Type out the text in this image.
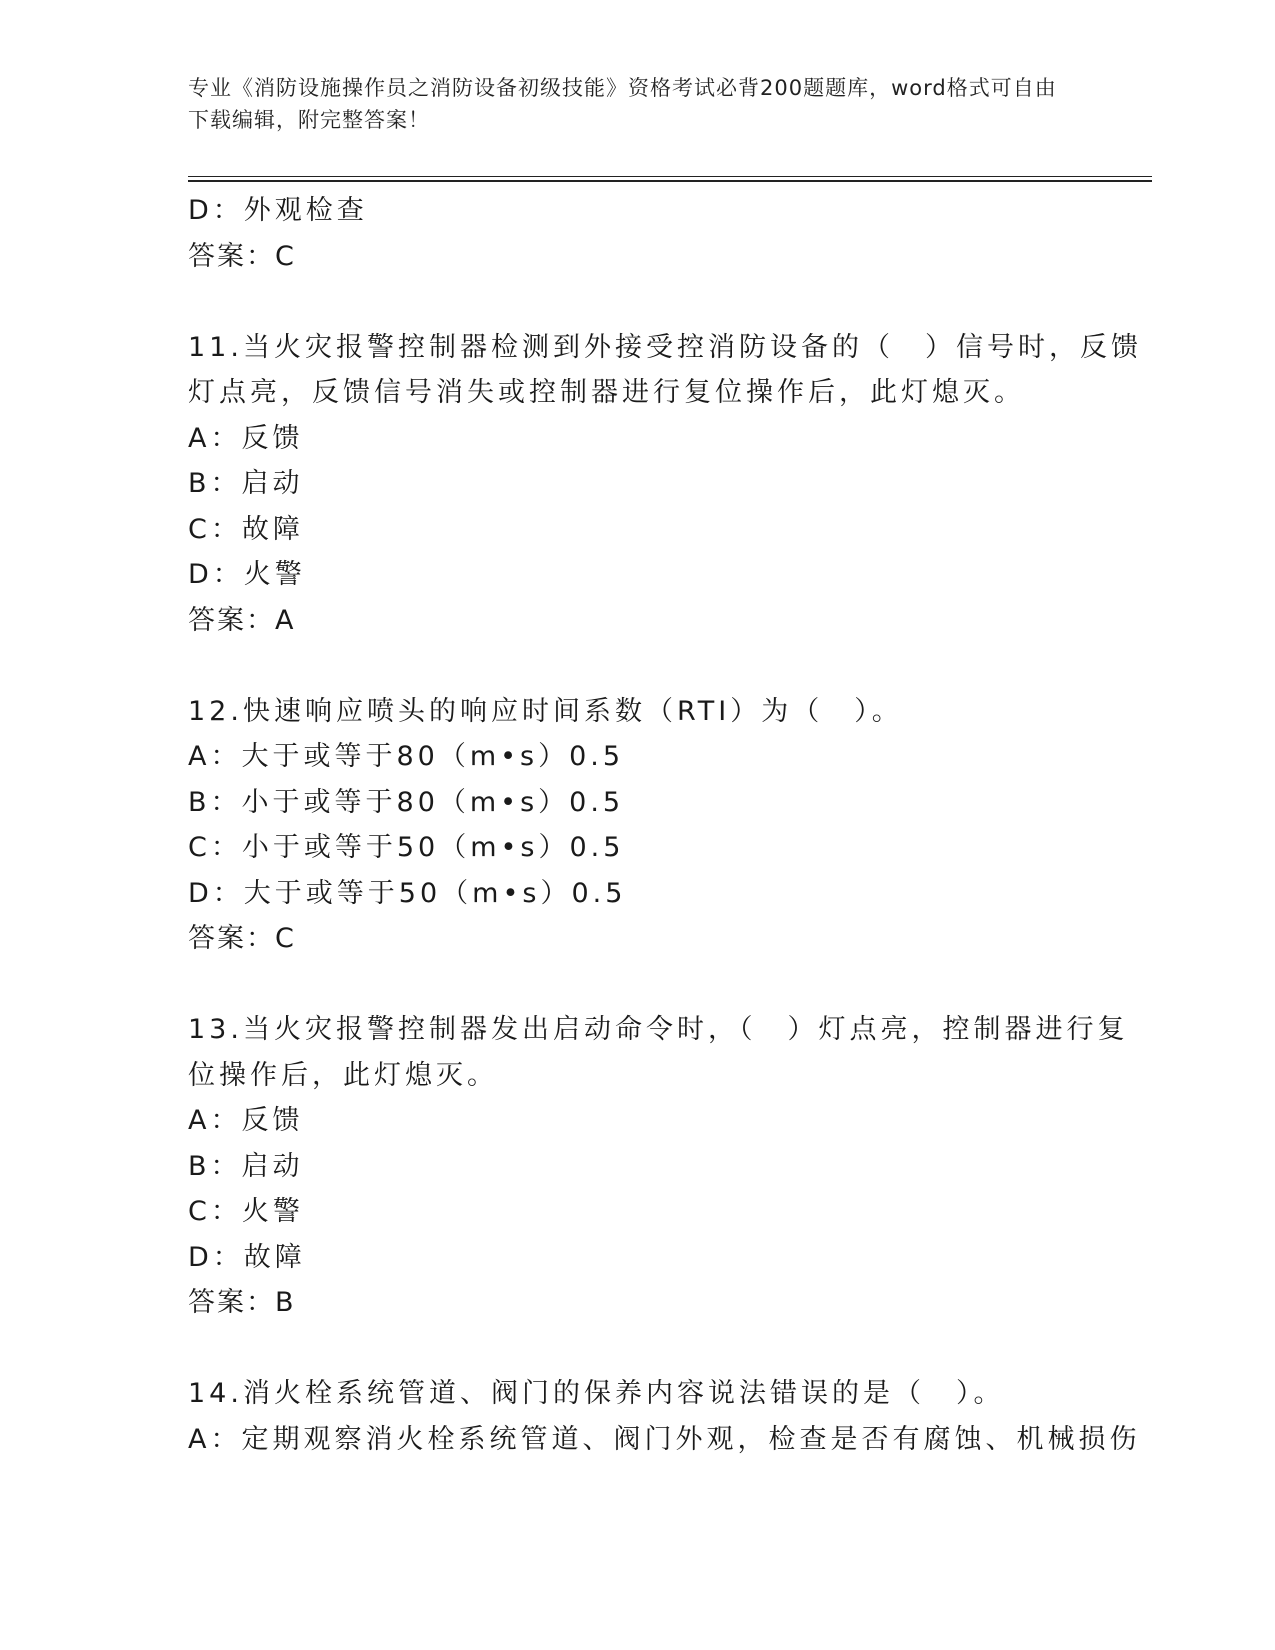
专业《消防设施操作员之消防设备初级技能》资格考试必背200题题库，word格式可自由下载编辑，附完整答案！
D：外观检查
答案：C
11.当火灾报警控制器检测到外接受控消防设备的（　）信号时，反馈
灯点亮，反馈信号消失或控制器进行复位操作后，此灯熄灭。
A：反馈
B：启动
C：故障
D：火警
答案：A
12.快速响应喷头的响应时间系数（RTI）为（　）。
A：大于或等于80（m•s）0.5
B：小于或等于80（m•s）0.5
C：小于或等于50（m•s）0.5
D：大于或等于50（m•s）0.5
答案：C
13.当火灾报警控制器发出启动命令时，（　）灯点亮，控制器进行复
位操作后，此灯熄灭。
A：反馈
B：启动
C：火警
D：故障
答案：B
14.消火栓系统管道、阀门的保养内容说法错误的是（　）。
A：定期观察消火栓系统管道、阀门外观，检查是否有腐蚀、机械损伤
